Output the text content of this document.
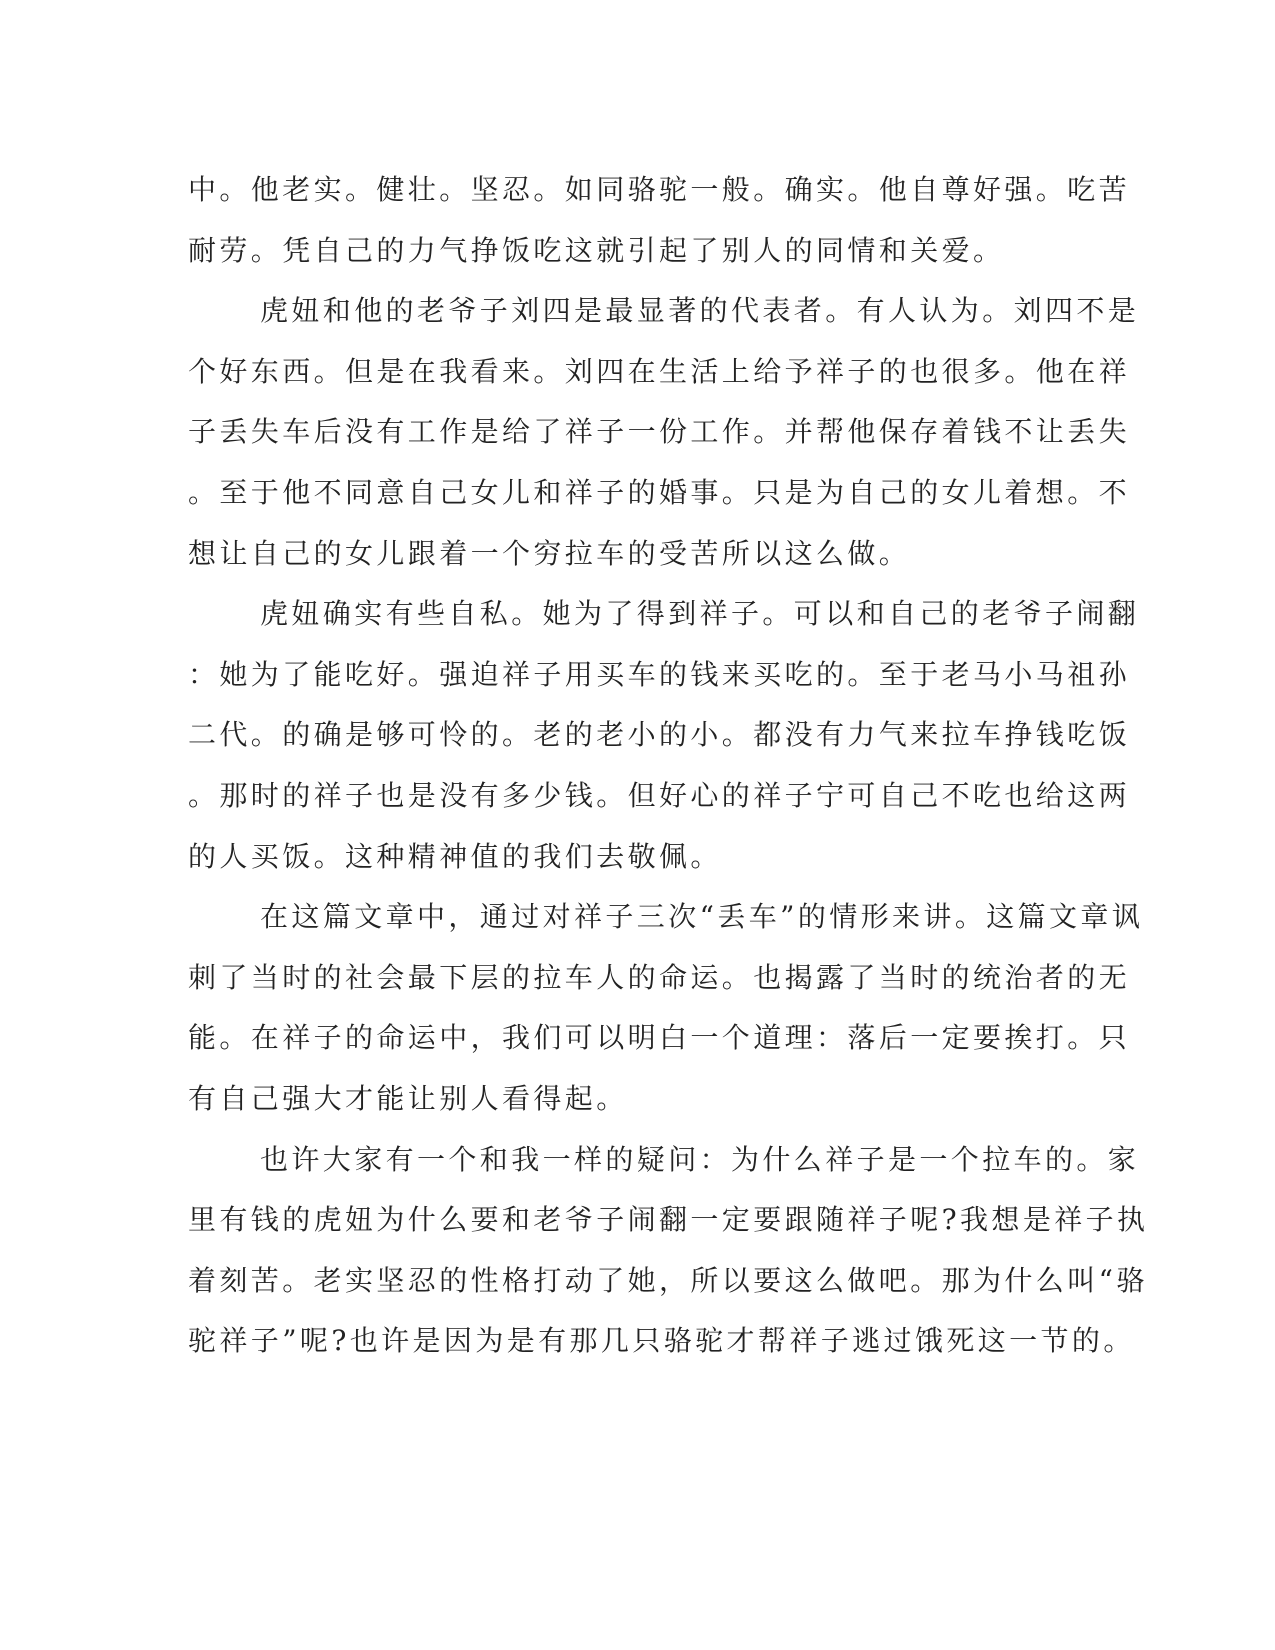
中。他老实。健壮。坚忍。如同骆驼一般。确实。他自尊好强。吃苦
耐劳。凭自己的力气挣饭吃这就引起了别人的同情和关爱。
虎妞和他的老爷子刘四是最显著的代表者。有人认为。刘四不是
个好东西。但是在我看来。刘四在生活上给予祥子的也很多。他在祥
子丢失车后没有工作是给了祥子一份工作。并帮他保存着钱不让丢失
。至于他不同意自己女儿和祥子的婚事。只是为自己的女儿着想。不
想让自己的女儿跟着一个穷拉车的受苦所以这么做。
虎妞确实有些自私。她为了得到祥子。可以和自己的老爷子闹翻
：她为了能吃好。强迫祥子用买车的钱来买吃的。至于老马小马祖孙
二代。的确是够可怜的。老的老小的小。都没有力气来拉车挣钱吃饭
。那时的祥子也是没有多少钱。但好心的祥子宁可自己不吃也给这两
的人买饭。这种精神值的我们去敬佩。
在这篇文章中，通过对祥子三次“丢车”的情形来讲。这篇文章讽
刺了当时的社会最下层的拉车人的命运。也揭露了当时的统治者的无
能。在祥子的命运中，我们可以明白一个道理：落后一定要挨打。只
有自己强大才能让别人看得起。
也许大家有一个和我一样的疑问：为什么祥子是一个拉车的。家
里有钱的虎妞为什么要和老爷子闹翻一定要跟随祥子呢?我想是祥子执
着刻苦。老实坚忍的性格打动了她，所以要这么做吧。那为什么叫“骆
驼祥子”呢?也许是因为是有那几只骆驼才帮祥子逃过饿死这一节的。
